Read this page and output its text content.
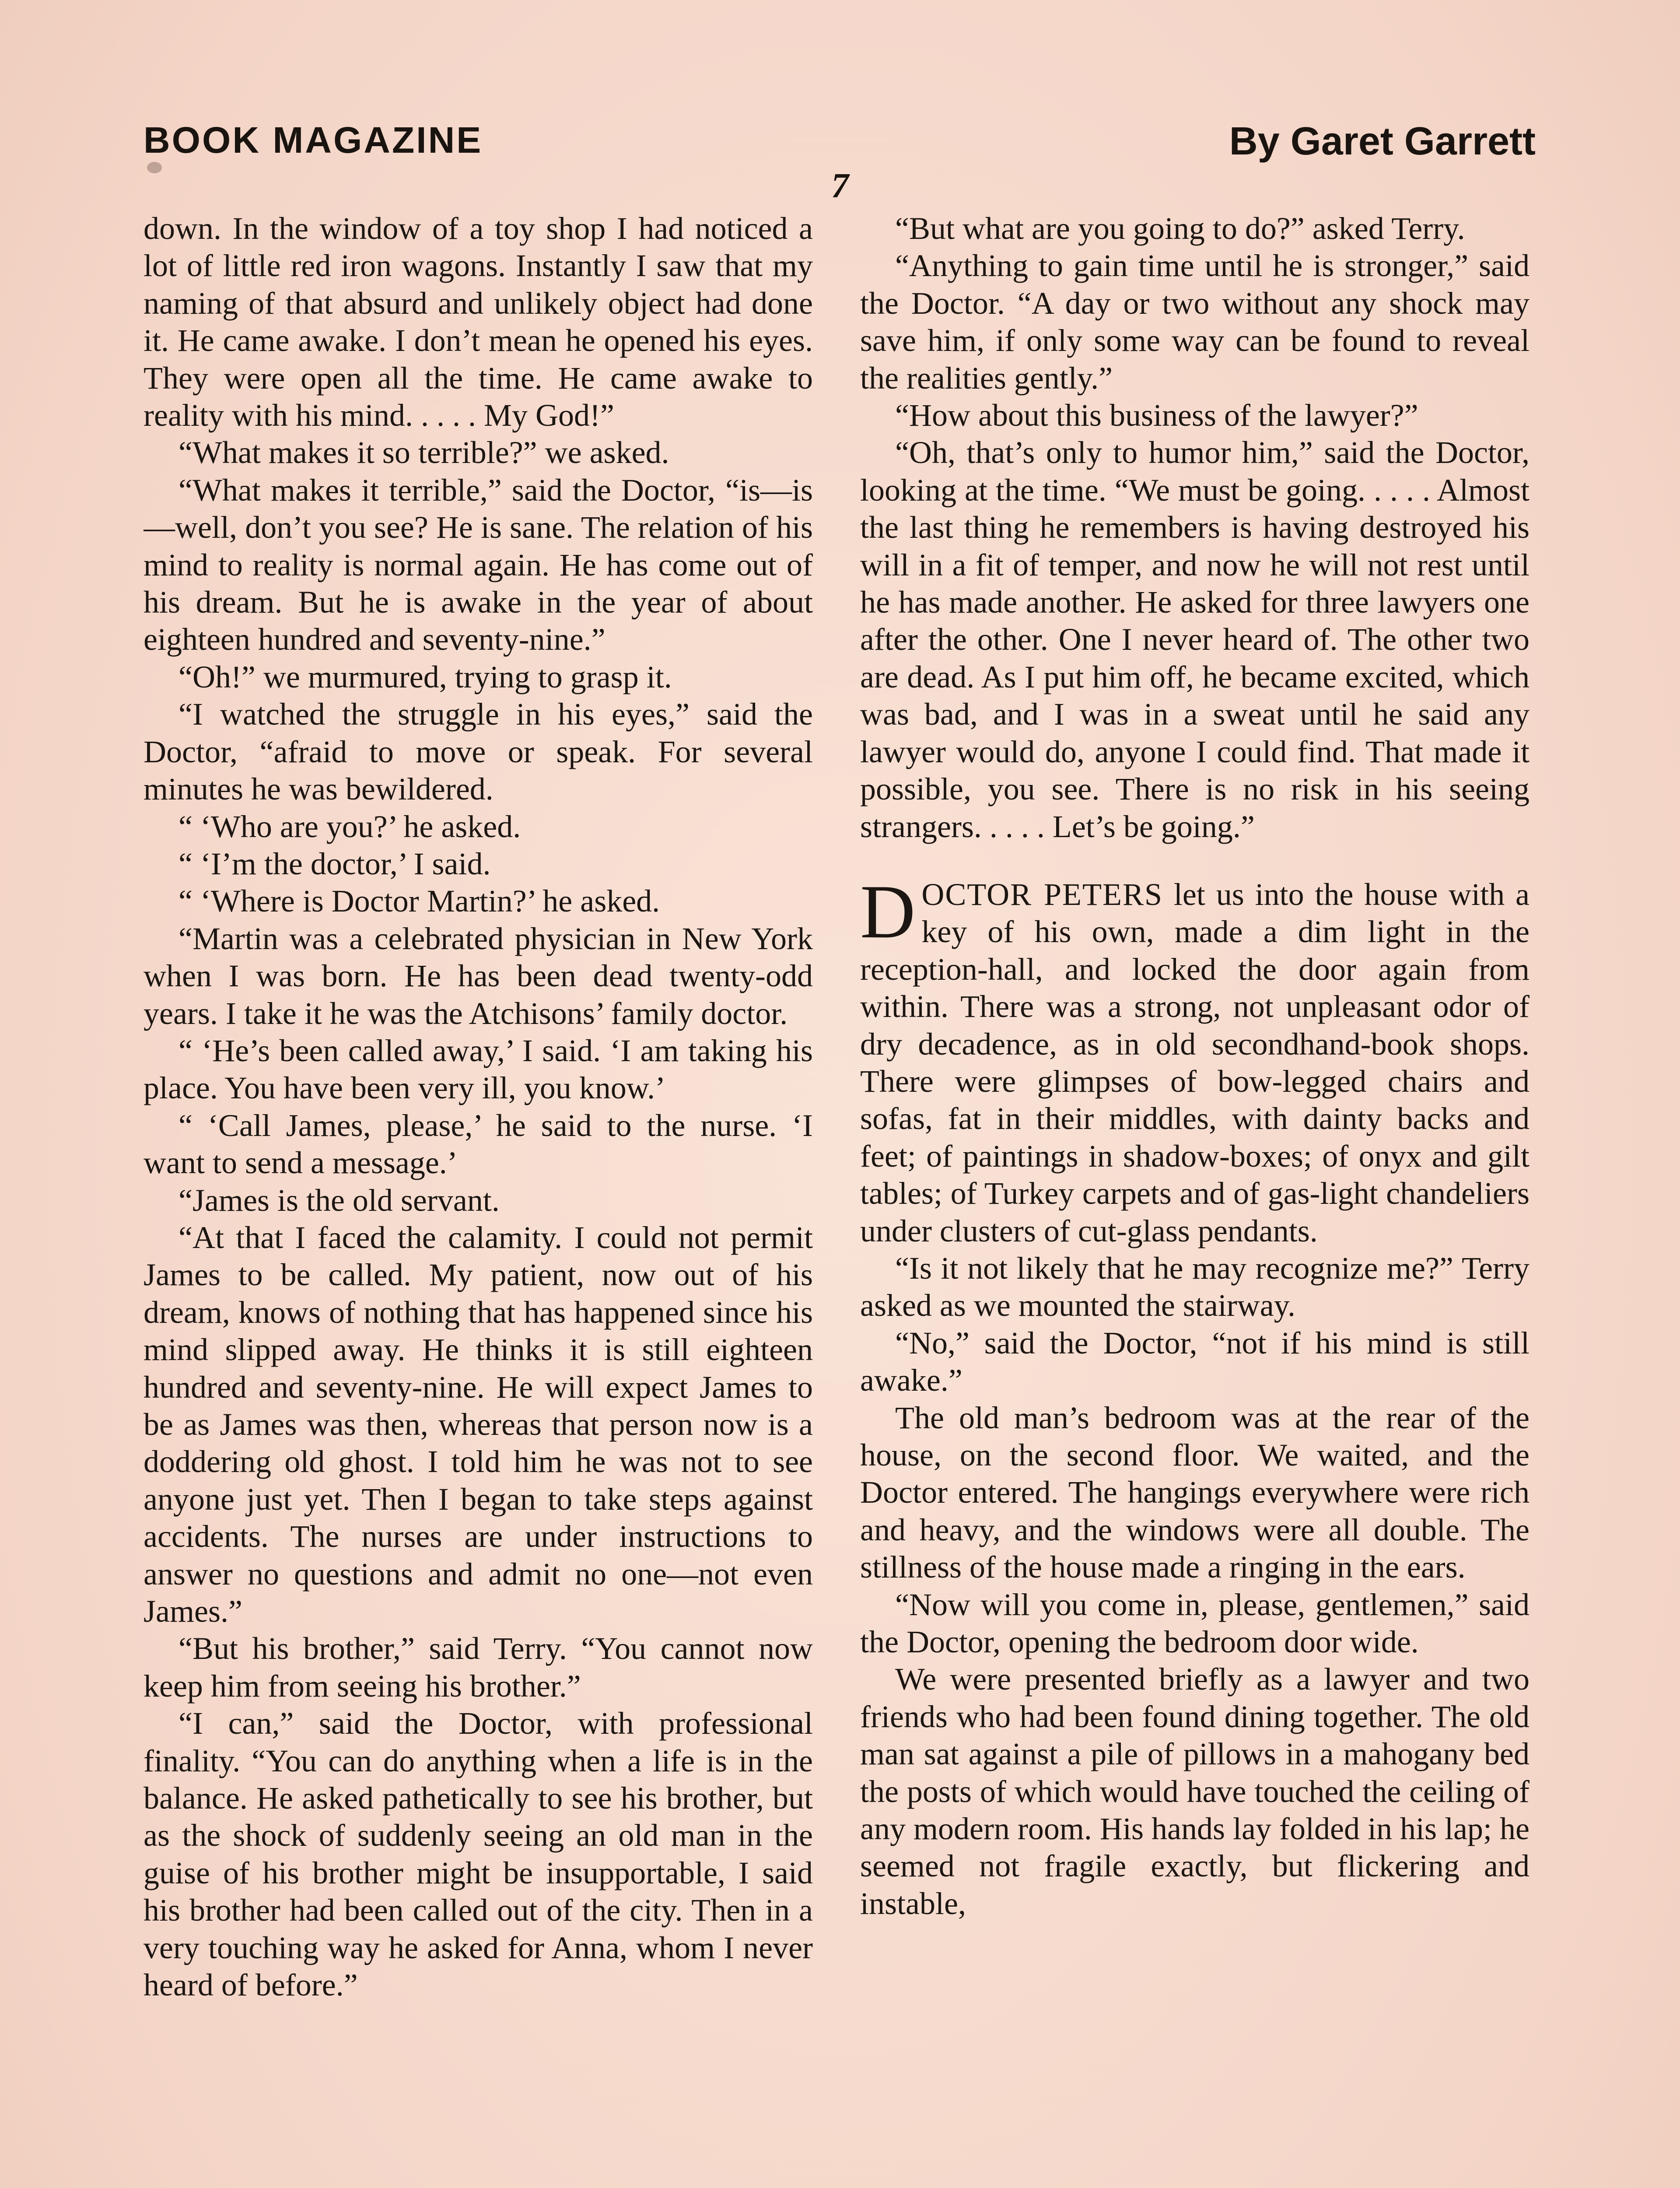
BOOK MAGAZINE	By Garet Garrett
7

down. In the window of a toy shop I had noticed a lot of little red iron wagons. Instantly I saw that my naming of that absurd and unlikely object had done it. He came awake. I don’t mean he opened his eyes. They were open all the time. He came awake to reality with his mind. . . . . My God!”

“What makes it so terrible?” we asked.

“What makes it terrible,” said the Doctor, “is—is—well, don’t you see? He is sane. The relation of his mind to reality is normal again. He has come out of his dream. But he is awake in the year of about eighteen hundred and seventy-nine.”

“Oh!” we murmured, trying to grasp it.

“I watched the struggle in his eyes,” said the Doctor, “afraid to move or speak. For several minutes he was bewildered.

“ ‘Who are you?’ he asked.

“ ‘I’m the doctor,’ I said.

“ ‘Where is Doctor Martin?’ he asked.

“Martin was a celebrated physician in New York when I was born. He has been dead twenty-odd years. I take it he was the Atchisons’ family doctor.

“ ‘He’s been called away,’ I said. ‘I am taking his place. You have been very ill, you know.’

“ ‘Call James, please,’ he said to the nurse. ‘I want to send a message.’

“James is the old servant.

“At that I faced the calamity. I could not permit James to be called. My patient, now out of his dream, knows of nothing that has happened since his mind slipped away. He thinks it is still eighteen hundred and seventy-nine. He will expect James to be as James was then, whereas that person now is a doddering old ghost. I told him he was not to see anyone just yet. Then I began to take steps against accidents. The nurses are under instructions to answer no questions and admit no one—not even James.”

“But his brother,” said Terry. “You cannot now keep him from seeing his brother.”

“I can,” said the Doctor, with professional finality. “You can do anything when a life is in the balance. He asked pathetically to see his brother, but as the shock of suddenly seeing an old man in the guise of his brother might be insupportable, I said his brother had been called out of the city. Then in a very touching way he asked for Anna, whom I never heard of before.”

“But what are you going to do?” asked Terry.

“Anything to gain time until he is stronger,” said the Doctor. “A day or two without any shock may save him, if only some way can be found to reveal the realities gently.”

“How about this business of the lawyer?”

“Oh, that’s only to humor him,” said the Doctor, looking at the time. “We must be going. . . . . Almost the last thing he remembers is having destroyed his will in a fit of temper, and now he will not rest until he has made another. He asked for three lawyers one after the other. One I never heard of. The other two are dead. As I put him off, he became excited, which was bad, and I was in a sweat until he said any lawyer would do, anyone I could find. That made it possible, you see. There is no risk in his seeing strangers. . . . . Let’s be going.”

DOCTOR PETERS let us into the house with a key of his own, made a dim light in the reception-hall, and locked the door again from within. There was a strong, not unpleasant odor of dry decadence, as in old secondhand-book shops. There were glimpses of bow-legged chairs and sofas, fat in their middles, with dainty backs and feet; of paintings in shadow-boxes; of onyx and gilt tables; of Turkey carpets and of gas-light chandeliers under clusters of cut-glass pendants.

“Is it not likely that he may recognize me?” Terry asked as we mounted the stairway.

“No,” said the Doctor, “not if his mind is still awake.”

The old man’s bedroom was at the rear of the house, on the second floor. We waited, and the Doctor entered. The hangings everywhere were rich and heavy, and the windows were all double. The stillness of the house made a ringing in the ears.

“Now will you come in, please, gentlemen,” said the Doctor, opening the bedroom door wide.

We were presented briefly as a lawyer and two friends who had been found dining together. The old man sat against a pile of pillows in a mahogany bed the posts of which would have touched the ceiling of any modern room. His hands lay folded in his lap; he seemed not fragile exactly, but flickering and instable,
